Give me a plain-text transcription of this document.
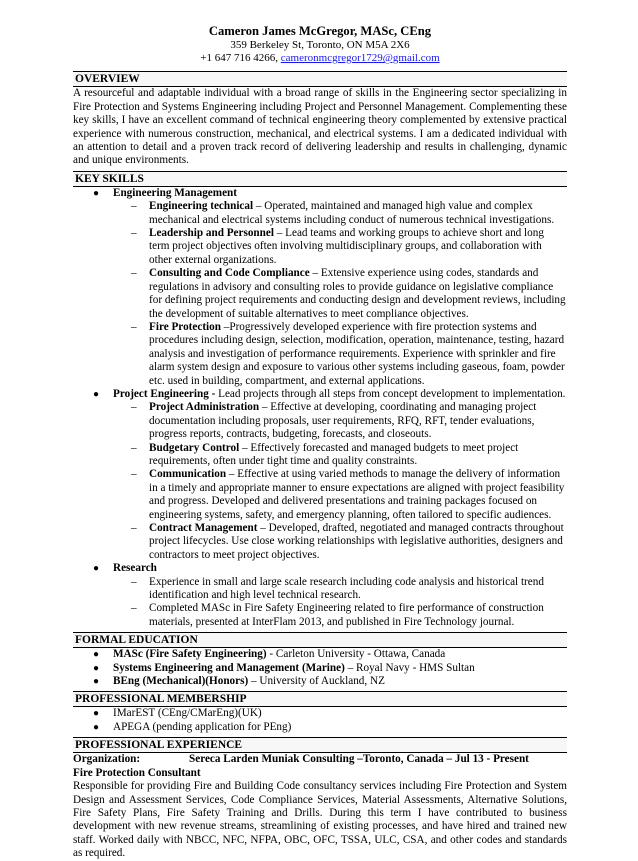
Cameron James McGregor, MASc, CEng
359 Berkeley St, Toronto, ON M5A 2X6
+1 647 716 4266, cameronmcgregor1729@gmail.com
OVERVIEW
A resourceful and adaptable individual with a broad range of skills in the Engineering sector specializing in Fire Protection and Systems Engineering including Project and Personnel Management. Complementing these key skills, I have an excellent command of technical engineering theory complemented by extensive practical experience with numerous construction, mechanical, and electrical systems. I am a dedicated individual with an attention to detail and a proven track record of delivering leadership and results in challenging, dynamic and unique environments.
KEY SKILLS
● Engineering Management
– Engineering technical – Operated, maintained and managed high value and complex mechanical and electrical systems including conduct of numerous technical investigations.
– Leadership and Personnel – Lead teams and working groups to achieve short and long term project objectives often involving multidisciplinary groups, and collaboration with other external organizations.
– Consulting and Code Compliance – Extensive experience using codes, standards and regulations in advisory and consulting roles to provide guidance on legislative compliance for defining project requirements and conducting design and development reviews, including the development of suitable alternatives to meet compliance objectives.
– Fire Protection –Progressively developed experience with fire protection systems and procedures including design, selection, modification, operation, maintenance, testing, hazard analysis and investigation of performance requirements. Experience with sprinkler and fire alarm system design and exposure to various other systems including gaseous, foam, powder etc. used in building, compartment, and external applications.
● Project Engineering - Lead projects through all steps from concept development to implementation.
– Project Administration – Effective at developing, coordinating and managing project documentation including proposals, user requirements, RFQ, RFT, tender evaluations, progress reports, contracts, budgeting, forecasts, and closeouts.
– Budgetary Control – Effectively forecasted and managed budgets to meet project requirements, often under tight time and quality constraints.
– Communication – Effective at using varied methods to manage the delivery of information in a timely and appropriate manner to ensure expectations are aligned with project feasibility and progress. Developed and delivered presentations and training packages focused on engineering systems, safety, and emergency planning, often tailored to specific audiences.
– Contract Management – Developed, drafted, negotiated and managed contracts throughout project lifecycles. Use close working relationships with legislative authorities, designers and contractors to meet project objectives.
● Research
– Experience in small and large scale research including code analysis and historical trend identification and high level technical research.
– Completed MASc in Fire Safety Engineering related to fire performance of construction materials, presented at InterFlam 2013, and published in Fire Technology journal.
FORMAL EDUCATION
● MASc (Fire Safety Engineering) - Carleton University - Ottawa, Canada
● Systems Engineering and Management (Marine) – Royal Navy - HMS Sultan
● BEng (Mechanical)(Honors) – University of Auckland, NZ
PROFESSIONAL MEMBERSHIP
● IMarEST (CEng/CMarEng)(UK)
● APEGA (pending application for PEng)
PROFESSIONAL EXPERIENCE
Organization:	Sereca Larden Muniak Consulting –Toronto, Canada – Jul 13 - Present
Fire Protection Consultant
Responsible for providing Fire and Building Code consultancy services including Fire Protection and System Design and Assessment Services, Code Compliance Services, Material Assessments, Alternative Solutions, Fire Safety Plans, Fire Safety Training and Drills. During this term I have contributed to business development with new revenue streams, streamlining of existing processes, and have hired and trained new staff. Worked daily with NBCC, NFC, NFPA, OBC, OFC, TSSA, ULC, CSA, and other codes and standards as required.
